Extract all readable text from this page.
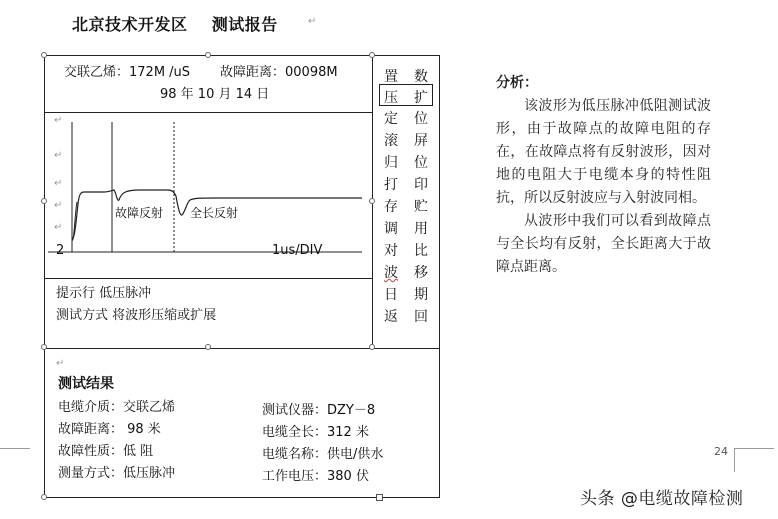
北京技术开发区 测试报告	↵
交联乙烯：172M /uS 故障距离：00098M
98 年 10 月 14 日
故障反射 全长反射
1us/DIV
2
提示行 低压脉冲
测试方式 将波形压缩或扩展
↵
↵
↵
↵
↵
↵
置 数
压 扩
定 位
滚 屏
归 位
打 印
存 贮
调 用
对 比
波 移
日 期
返 回
测试结果
电缆介质：交联乙烯
故障距离： 98 米
故障性质：低 阻
测量方式：低压脉冲
测试仪器：DZY－8
电缆全长：312 米
电缆名称：供电/供水
工作电压：380 伏

分析：

该波形为低压脉冲低阻测试波形，由于故障点的故障电阻的存在，在故障点将有反射波形，因对地的电阻大于电缆本身的特性阻抗，所以反射波应与入射波同相。

从波形中我们可以看到故障点与全长均有反射，全长距离大于故障点距离。

24
头条 @电缆故障检测
